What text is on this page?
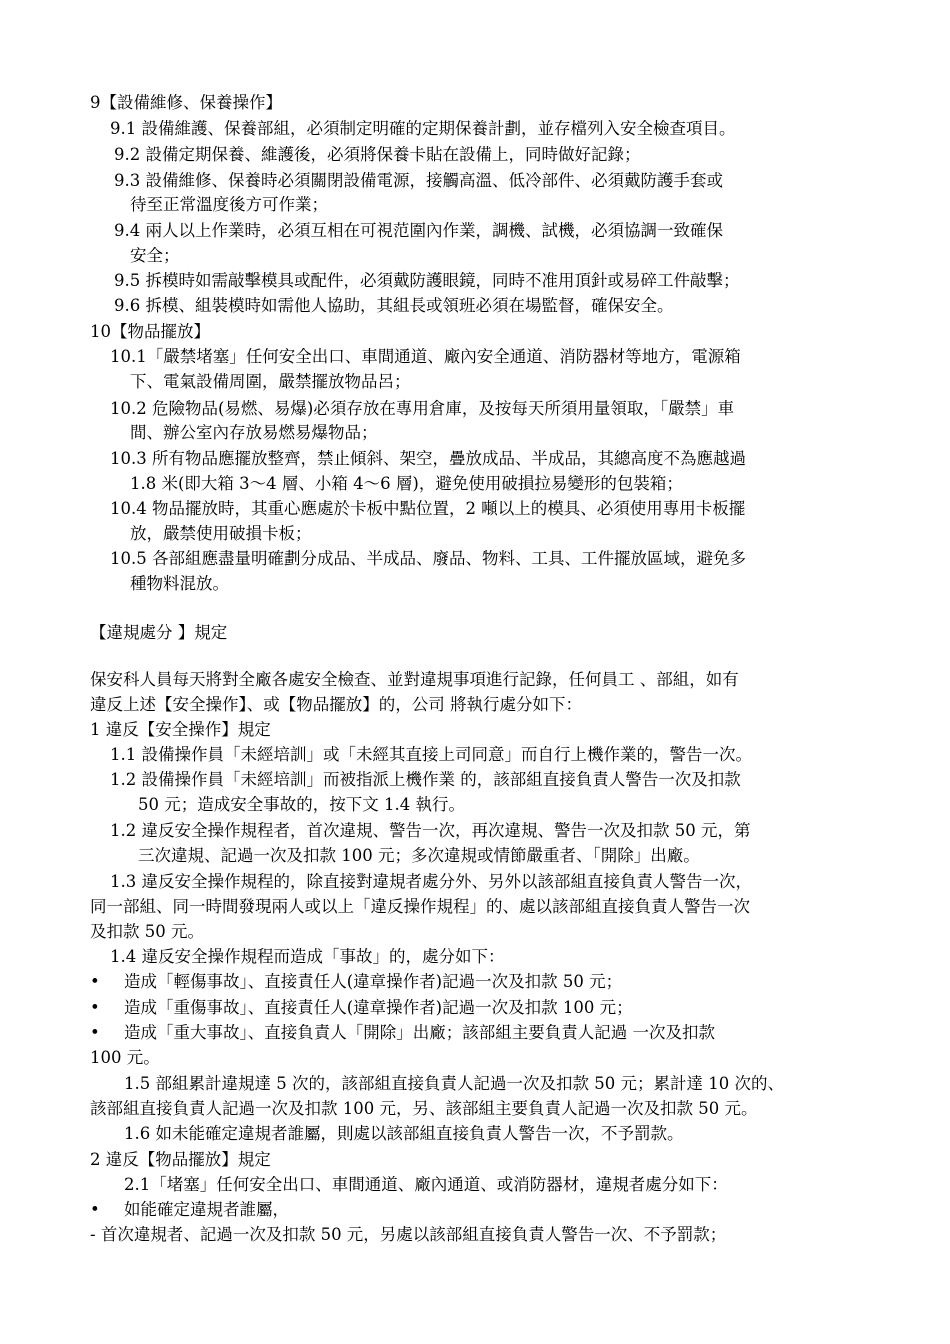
9【設備維修、保養操作】
9.1 設備維護、保養部組，必須制定明確的定期保養計劃，並存檔列入安全檢查項目。
9.2 設備定期保養、維護後，必須將保養卡貼在設備上，同時做好記錄；
9.3 設備維修、保養時必須關閉設備電源，接觸高溫、低冷部件、必須戴防護手套或
待至正常溫度後方可作業；
9.4 兩人以上作業時，必須互相在可視范圍內作業，調機、試機，必須協調一致確保
安全；
9.5 拆模時如需敲擊模具或配件，必須戴防護眼鏡，同時不准用頂針或易碎工件敲擊；
9.6 拆模、組裝模時如需他人協助，其組長或領班必須在場監督，確保安全。
10【物品擺放】
10.1「嚴禁堵塞」任何安全出口、車間通道、廠內安全通道、消防器材等地方，電源箱
下、電氣設備周圍，嚴禁擺放物品呂；
10.2 危險物品(易燃、易爆)必須存放在專用倉庫，及按每天所須用量領取，「嚴禁」車
間、辦公室內存放易燃易爆物品；
10.3 所有物品應擺放整齊，禁止傾斜、架空，疊放成品、半成品，其總高度不為應越過
1.8 米(即大箱 3～4 層、小箱 4～6 層)，避免使用破損拉易變形的包裝箱；
10.4 物品擺放時，其重心應處於卡板中點位置，2 噸以上的模具、必須使用專用卡板擺
放，嚴禁使用破損卡板；
10.5 各部組應盡量明確劃分成品、半成品、廢品、物料、工具、工件擺放區域，避免多
種物料混放。
【違規處分 】規定
保安科人員每天將對全廠各處安全檢查、並對違規事項進行記錄，任何員工 、部組，如有
違反上述【安全操作】、或【物品擺放】的，公司 將執行處分如下：
1 違反【安全操作】規定
1.1 設備操作員「未經培訓」或「未經其直接上司同意」而自行上機作業的，警告一次。
1.2 設備操作員「未經培訓」而被指派上機作業 的，該部組直接負責人警告一次及扣款
50 元；造成安全事故的，按下文 1.4 執行。
1.2 違反安全操作規程者，首次違規、警告一次，再次違規、警告一次及扣款 50 元，第
三次違規、記過一次及扣款 100 元；多次違規或情節嚴重者、「開除」出廠。
1.3 違反安全操作規程的，除直接對違規者處分外、另外以該部組直接負責人警告一次，
同一部組、同一時間發現兩人或以上「違反操作規程」的、處以該部組直接負責人警告一次
及扣款 50 元。
1.4 違反安全操作規程而造成「事故」的，處分如下：
• 造成「輕傷事故」、直接責任人(違章操作者)記過一次及扣款 50 元；
• 造成「重傷事故」、直接責任人(違章操作者)記過一次及扣款 100 元；
• 造成「重大事故」、直接負責人「開除」出廠；該部組主要負責人記過 一次及扣款
100 元。
1.5 部組累計違規達 5 次的，該部組直接負責人記過一次及扣款 50 元；累計達 10 次的、
該部組直接負責人記過一次及扣款 100 元，另、該部組主要負責人記過一次及扣款 50 元。
1.6 如未能確定違規者誰屬，則處以該部組直接負責人警告一次，不予罰款。
2 違反【物品擺放】規定
2.1「堵塞」任何安全出口、車間通道、廠內通道、或消防器材，違規者處分如下：
• 如能確定違規者誰屬，
- 首次違規者、記過一次及扣款 50 元，另處以該部組直接負責人警告一次、不予罰款；
